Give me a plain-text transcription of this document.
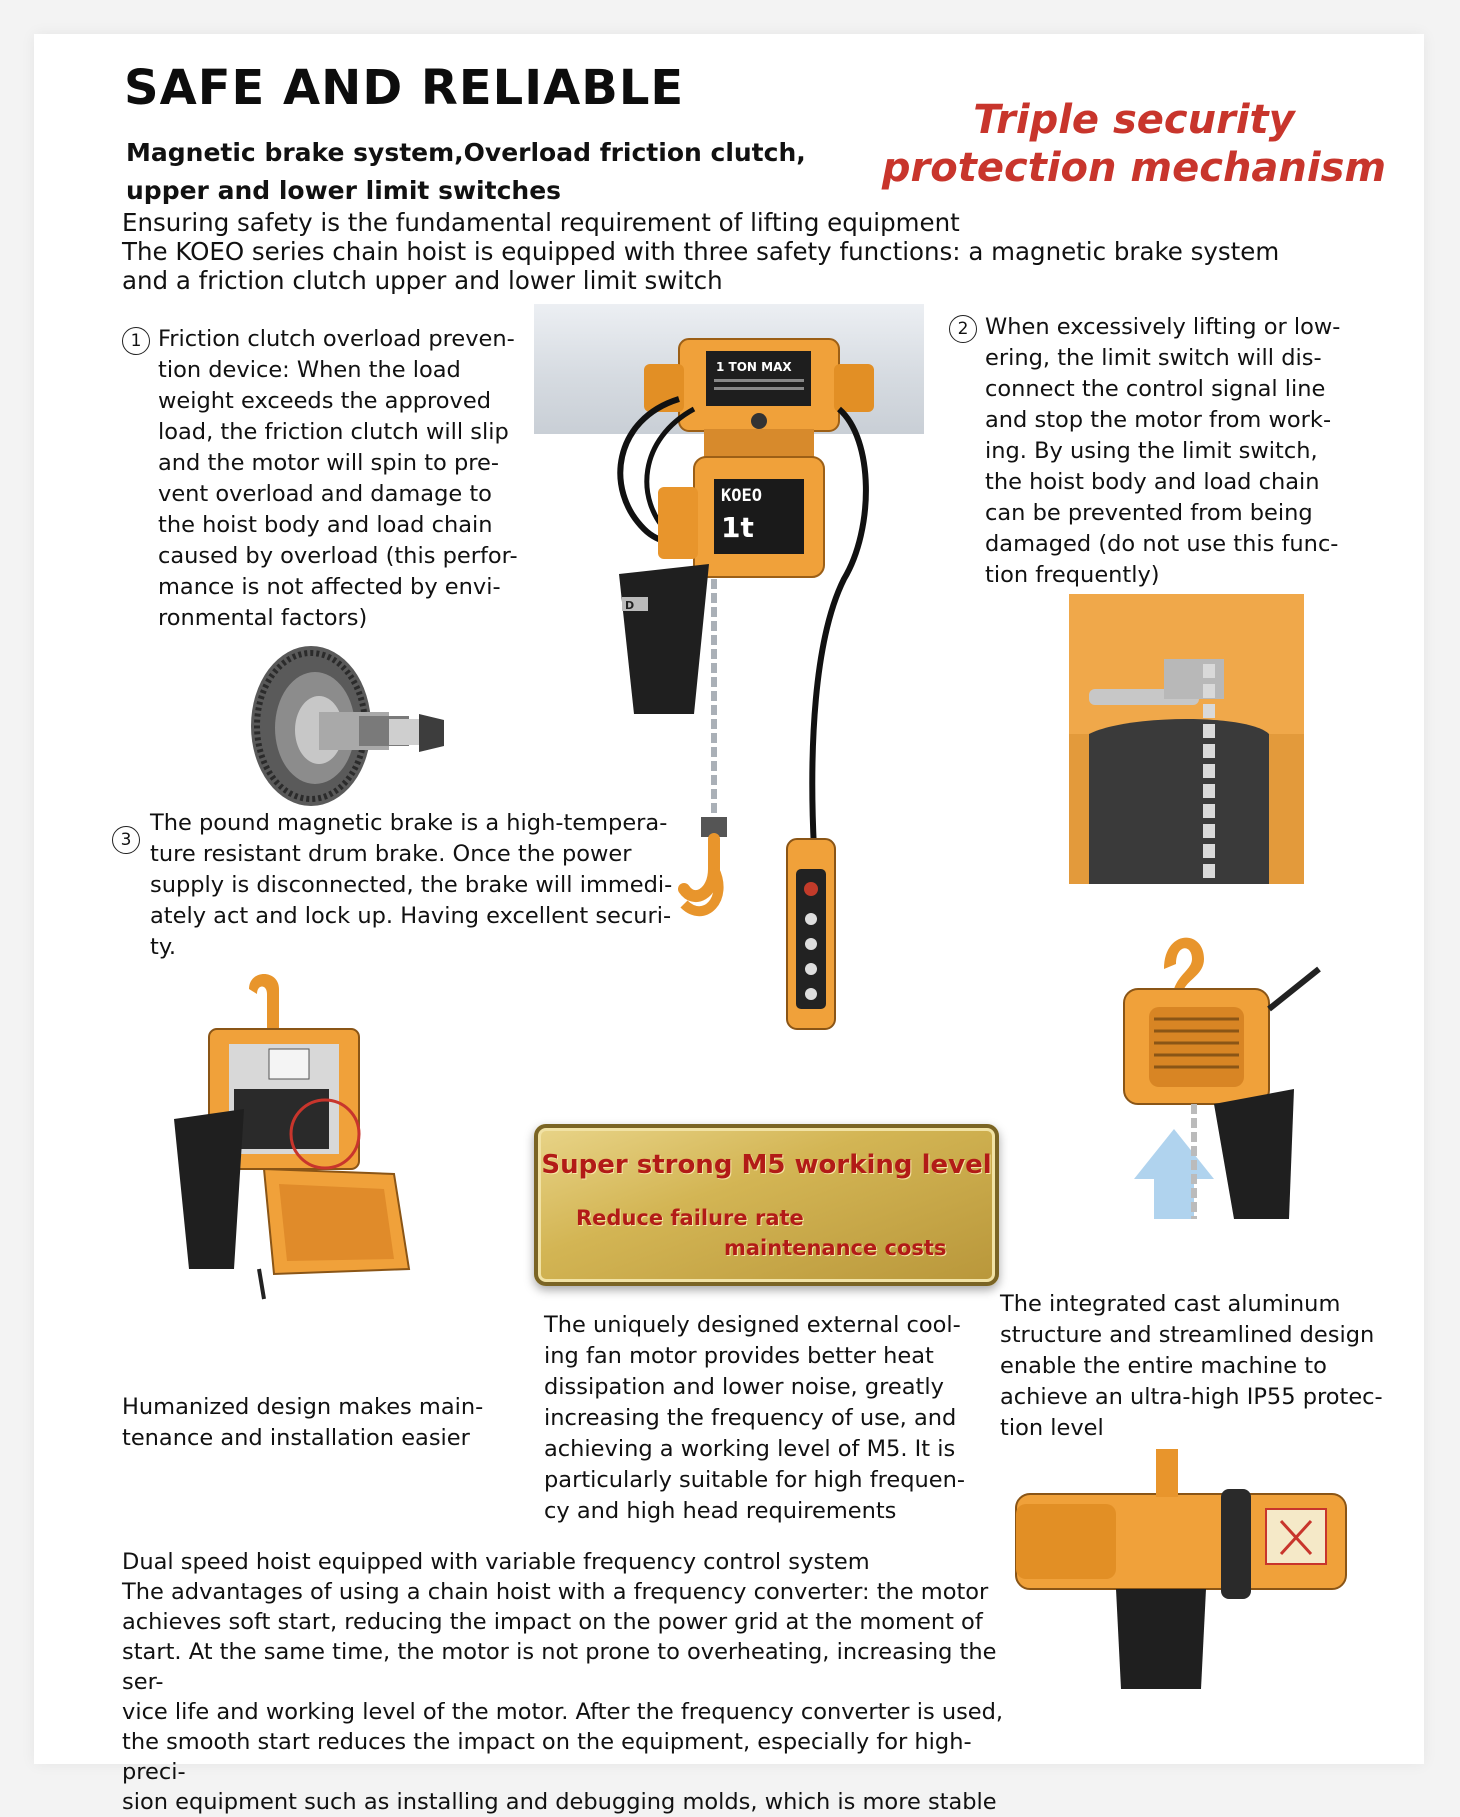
SAFE AND RELIABLE
Magnetic brake system,Overload friction clutch,
upper and lower limit switches
Triple security
protection mechanism
Ensuring safety is the fundamental requirement of lifting equipment
The KOEO series chain hoist is equipped with three safety functions: a magnetic brake system
and a friction clutch upper and lower limit switch
1 Friction clutch overload preven-
tion device: When the load
weight exceeds the approved
load, the friction clutch will slip
and the motor will spin to pre-
vent overload and damage to
the hoist body and load chain
caused by overload (this perfor-
mance is not affected by envi-
ronmental factors)
1 TON MAX
KOEO
1t
D
2 When excessively lifting or low-
ering, the limit switch will dis-
connect the control signal line
and stop the motor from work-
ing. By using the limit switch,
the hoist body and load chain
can be prevented from being
damaged (do not use this func-
tion frequently)
3
The pound magnetic brake is a high-tempera-
ture resistant drum brake. Once the power
supply is disconnected, the brake will immedi-
ately act and lock up. Having excellent securi-
ty.
Super strong M5 working level
Reduce failure rate
maintenance costs
Humanized design makes main-
tenance and installation easier
The uniquely designed external cool-
ing fan motor provides better heat
dissipation and lower noise, greatly
increasing the frequency of use, and
achieving a working level of M5. It is
particularly suitable for high frequen-
cy and high head requirements
The integrated cast aluminum
structure and streamlined design
enable the entire machine to
achieve an ultra-high IP55 protec-
tion level
Dual speed hoist equipped with variable frequency control system
The advantages of using a chain hoist with a frequency converter: the motor
achieves soft start, reducing the impact on the power grid at the moment of
start. At the same time, the motor is not prone to overheating, increasing the ser-
vice life and working level of the motor. After the frequency converter is used,
the smooth start reduces the impact on the equipment, especially for high-preci-
sion equipment such as installing and debugging molds, which is more stable
